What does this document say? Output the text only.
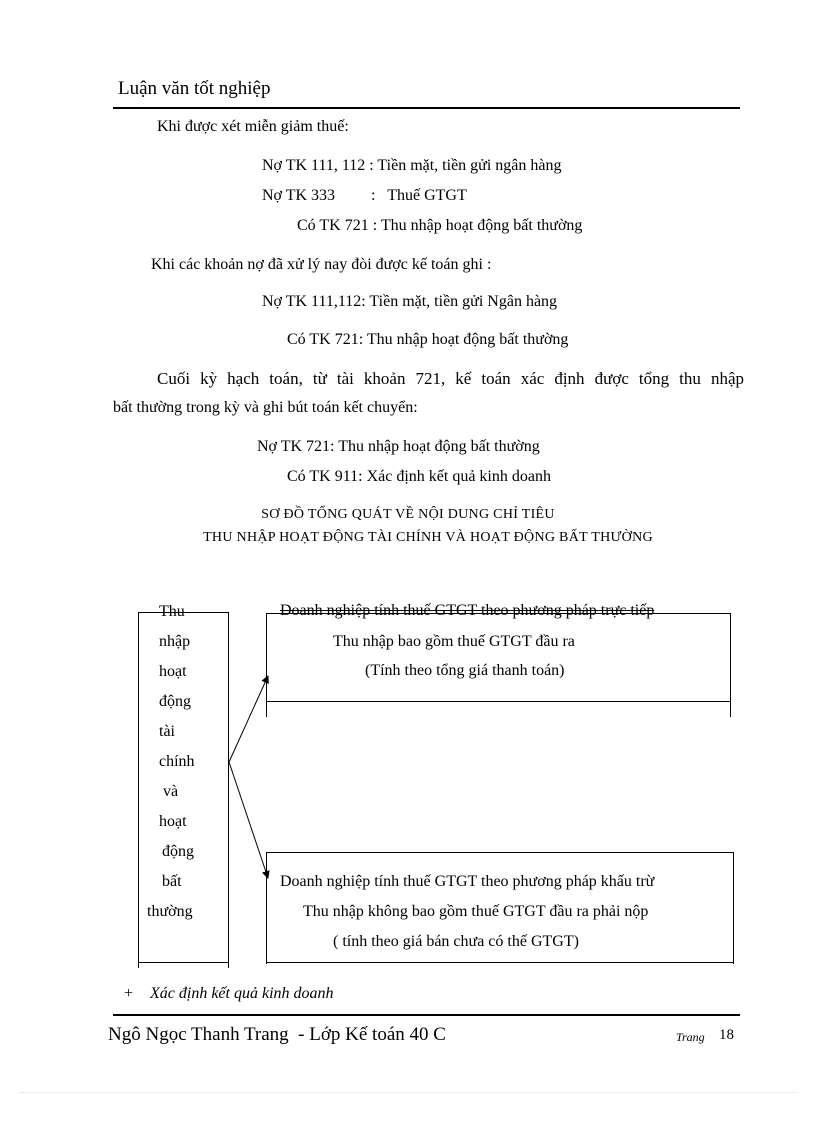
Luận văn tốt nghiệp
Khi được xét miễn giảm thuế:
Nợ TK 111, 112 : Tiền mặt, tiền gửi ngân hàng
Nợ TK 333         :   Thuế GTGT
Có TK 721 : Thu nhập hoạt động bất thường
Khi các khoản nợ đã xử lý nay đòi được kế toán ghi :
Nợ TK 111,112: Tiền mặt, tiền gửi Ngân hàng
Có TK 721: Thu nhập hoạt động bất thường
Cuối kỳ hạch toán, từ tài khoản 721, kế toán xác định được tổng thu nhập
bất thường trong kỳ và ghi bút toán kết chuyển:
Nợ TK 721: Thu nhập hoạt động bất thường
Có TK 911: Xác định kết quả kinh doanh
SƠ ĐỒ TỔNG QUÁT VỀ NỘI DUNG CHỈ TIÊU
THU NHẬP HOẠT ĐỘNG TÀI CHÍNH VÀ HOẠT ĐỘNG BẤT THƯỜNG
Thu
nhập
hoạt
động
tài
chính
và
hoạt
động
bất
thường
Doanh nghiệp tính thuế GTGT theo phương pháp trực tiếp
Thu nhập bao gồm thuế GTGT đầu ra
(Tính theo tổng giá thanh toán)
Doanh nghiệp tính thuế GTGT theo phương pháp khấu trừ
Thu nhập không bao gồm thuế GTGT đầu ra phải nộp
( tính theo giá bán chưa có thế GTGT)
+ Xác định kết quả kinh doanh
Ngô Ngọc Thanh Trang  - Lớp Kế toán 40 C	Trang 18
